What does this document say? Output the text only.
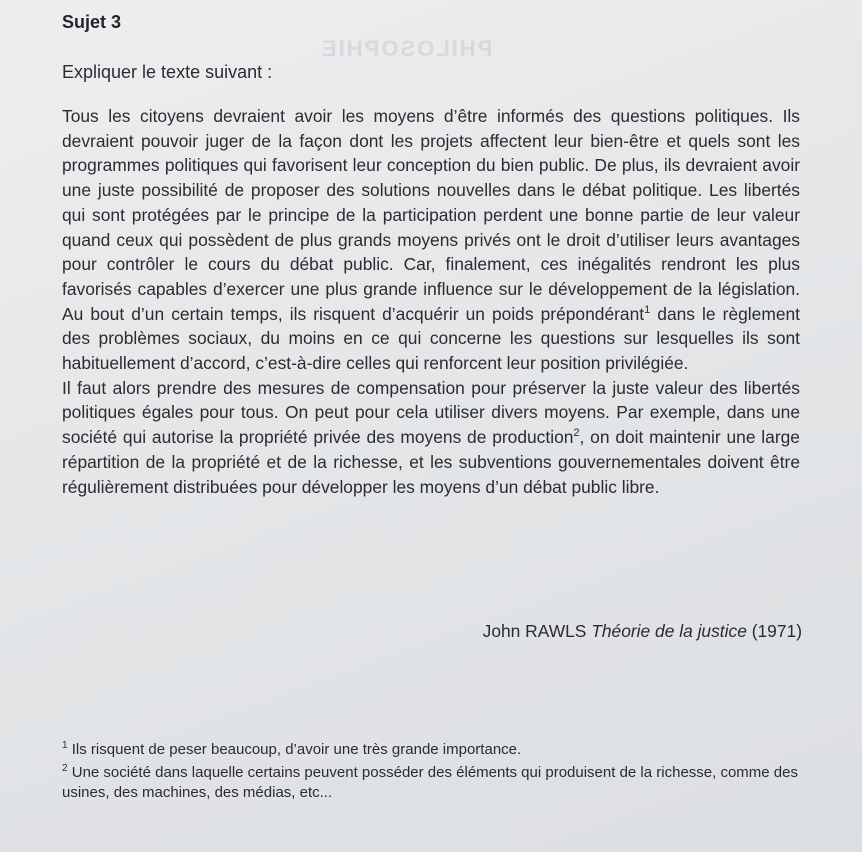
PHILOSOPHIE
Sujet 3
Expliquer le texte suivant :

Tous les citoyens devraient avoir les moyens d’être informés des questions politiques. Ils devraient pouvoir juger de la façon dont les projets affectent leur bien-être et quels sont les programmes politiques qui favorisent leur conception du bien public. De plus, ils devraient avoir une juste possibilité de proposer des solutions nouvelles dans le débat politique. Les libertés qui sont protégées par le principe de la participation perdent une bonne partie de leur valeur quand ceux qui possèdent de plus grands moyens privés ont le droit d’utiliser leurs avantages pour contrôler le cours du débat public. Car, finalement, ces inégalités rendront les plus favorisés capables d’exercer une plus grande influence sur le développement de la législation. Au bout d’un certain temps, ils risquent d’acquérir un poids prépondérant$^1$ dans le règlement des problèmes sociaux, du moins en ce qui concerne les questions sur lesquelles ils sont habituellement d’accord, c’est-à-dire celles qui renforcent leur position privilégiée.

Il faut alors prendre des mesures de compensation pour préserver la juste valeur des libertés politiques égales pour tous. On peut pour cela utiliser divers moyens. Par exemple, dans une société qui autorise la propriété privée des moyens de production$^2$, on doit maintenir une large répartition de la propriété et de la richesse, et les subventions gouvernementales doivent être régulièrement distribuées pour développer les moyens d’un débat public libre.

John RAWLS Théorie de la justice (1971)
$^1$ Ils risquent de peser beaucoup, d’avoir une très grande importance.
$^2$ Une société dans laquelle certains peuvent posséder des éléments qui produisent de la richesse, comme des usines, des machines, des médias, etc...
